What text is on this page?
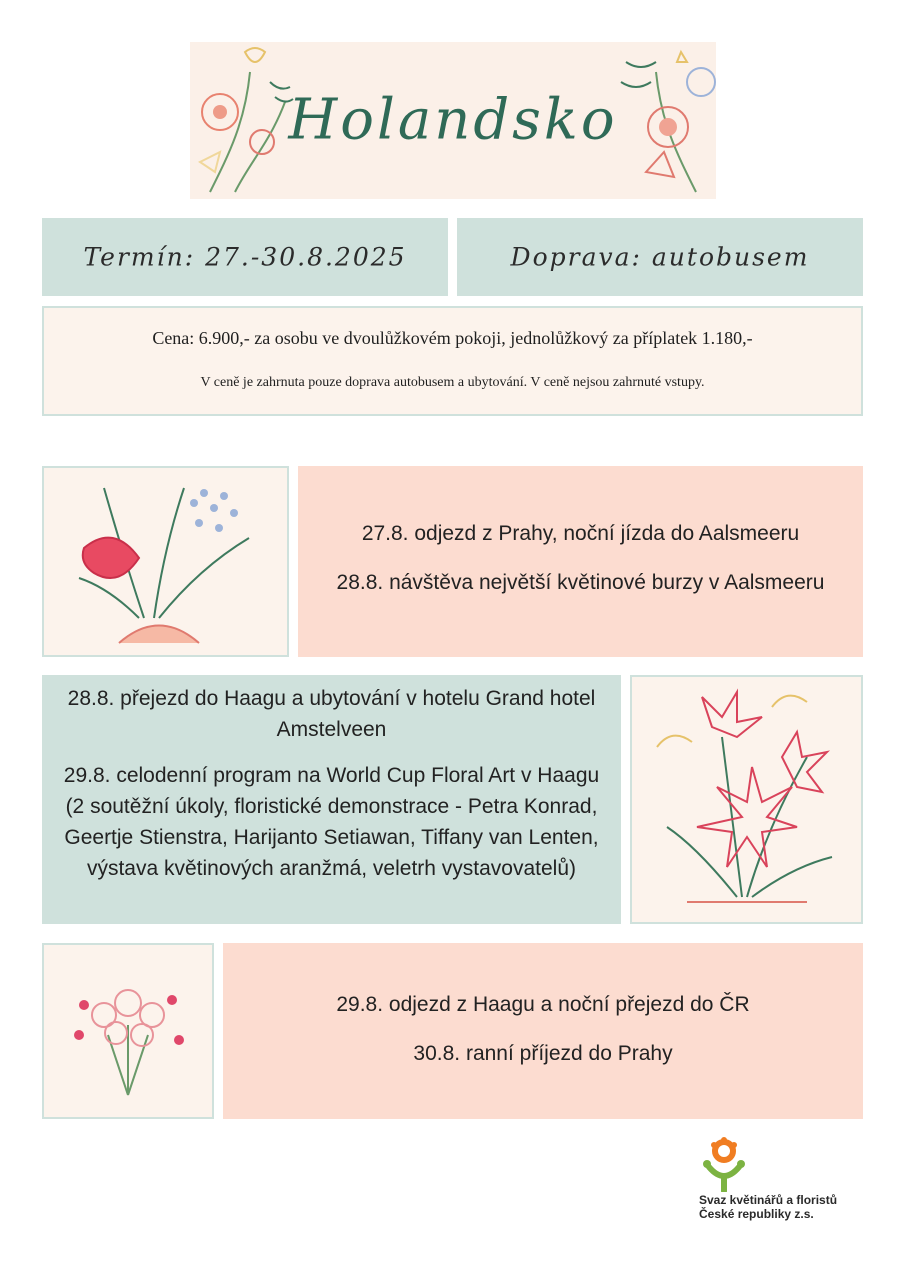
Holandsko
Termín: 27.-30.8.2025	Doprava: autobusem
Cena: 6.900,- za osobu ve dvoulůžkovém pokoji, jednolůžkový za příplatek 1.180,-
V ceně je zahrnuta pouze doprava autobusem a ubytování. V ceně nejsou zahrnuté vstupy.

27.8. odjezd z Prahy, noční jízda do Aalsmeeru

28.8. návštěva největší květinové burzy v Aalsmeeru

28.8. přejezd do Haagu a ubytování v hotelu Grand hotel Amstelveen

29.8. celodenní program na World Cup Floral Art v Haagu (2 soutěžní úkoly, floristické demonstrace - Petra Konrad, Geertje Stienstra, Harijanto Setiawan, Tiffany van Lenten, výstava květinových aranžmá, veletrh vystavovatelů)

29.8. odjezd z Haagu a noční přejezd do ČR

30.8. ranní příjezd do Prahy

Svaz květinářů a floristů
České republiky z.s.
